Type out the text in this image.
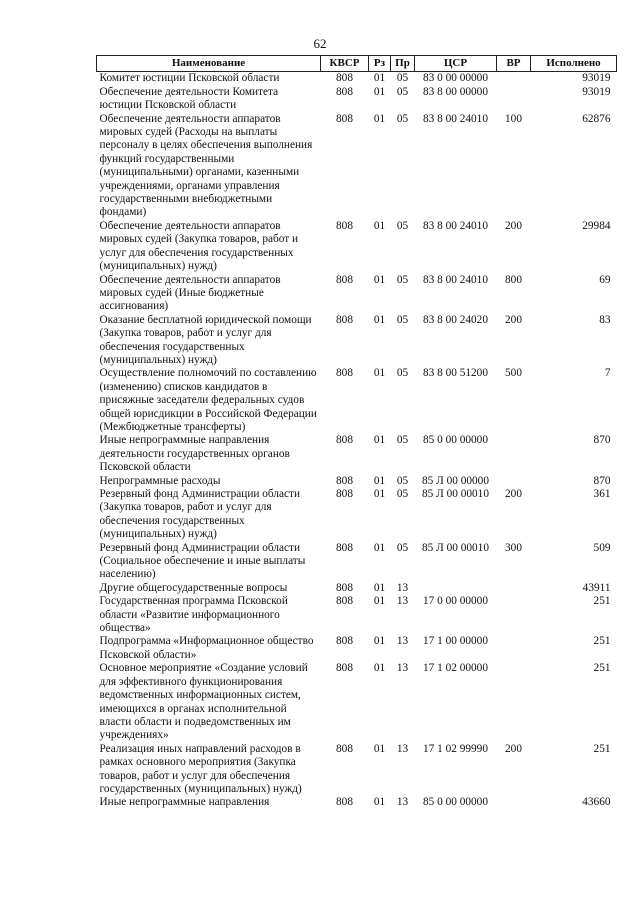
62
Наименование	КВСР	Рз	Пр	ЦСР	ВР	Исполнено
Комитет юстиции Псковской области	808	01	05	83 0 00 00000		93019
Обеспечение деятельности Комитета юстиции Псковской области	808	01	05	83 8 00 00000		93019
Обеспечение деятельности аппаратов мировых судей (Расходы на выплаты персоналу в целях обеспечения выполнения функций государственными (муниципальными) органами, казенными учреждениями, органами управления государственными внебюджетными фондами)	808	01	05	83 8 00 24010	100	62876
Обеспечение деятельности аппаратов мировых судей (Закупка товаров, работ и услуг для обеспечения государственных (муниципальных) нужд)	808	01	05	83 8 00 24010	200	29984
Обеспечение деятельности аппаратов мировых судей (Иные бюджетные ассигнования)	808	01	05	83 8 00 24010	800	69
Оказание бесплатной юридической помощи (Закупка товаров, работ и услуг для обеспечения государственных (муниципальных) нужд)	808	01	05	83 8 00 24020	200	83
Осуществление полномочий по составлению (изменению) списков кандидатов в присяжные заседатели федеральных судов общей юрисдикции в Российской Федерации (Межбюджетные трансферты)	808	01	05	83 8 00 51200	500	7
Иные непрограммные направления деятельности государственных органов Псковской области	808	01	05	85 0 00 00000		870
Непрограммные расходы	808	01	05	85 Л 00 00000		870
Резервный фонд Администрации области (Закупка товаров, работ и услуг для обеспечения государственных (муниципальных) нужд)	808	01	05	85 Л 00 00010	200	361
Резервный фонд Администрации области (Социальное обеспечение и иные выплаты населению)	808	01	05	85 Л 00 00010	300	509
Другие общегосударственные вопросы	808	01	13			43911
Государственная программа Псковской области «Развитие информационного общества»	808	01	13	17 0 00 00000		251
Подпрограмма «Информационное общество Псковской области»	808	01	13	17 1 00 00000		251
Основное мероприятие «Создание условий для эффективного функционирования ведомственных информационных систем, имеющихся в органах исполнительной власти области и подведомственных им учреждениях»	808	01	13	17 1 02 00000		251
Реализация иных направлений расходов в рамках основного мероприятия (Закупка товаров, работ и услуг для обеспечения государственных (муниципальных) нужд)	808	01	13	17 1 02 99990	200	251
Иные непрограммные направления	808	01	13	85 0 00 00000		43660
